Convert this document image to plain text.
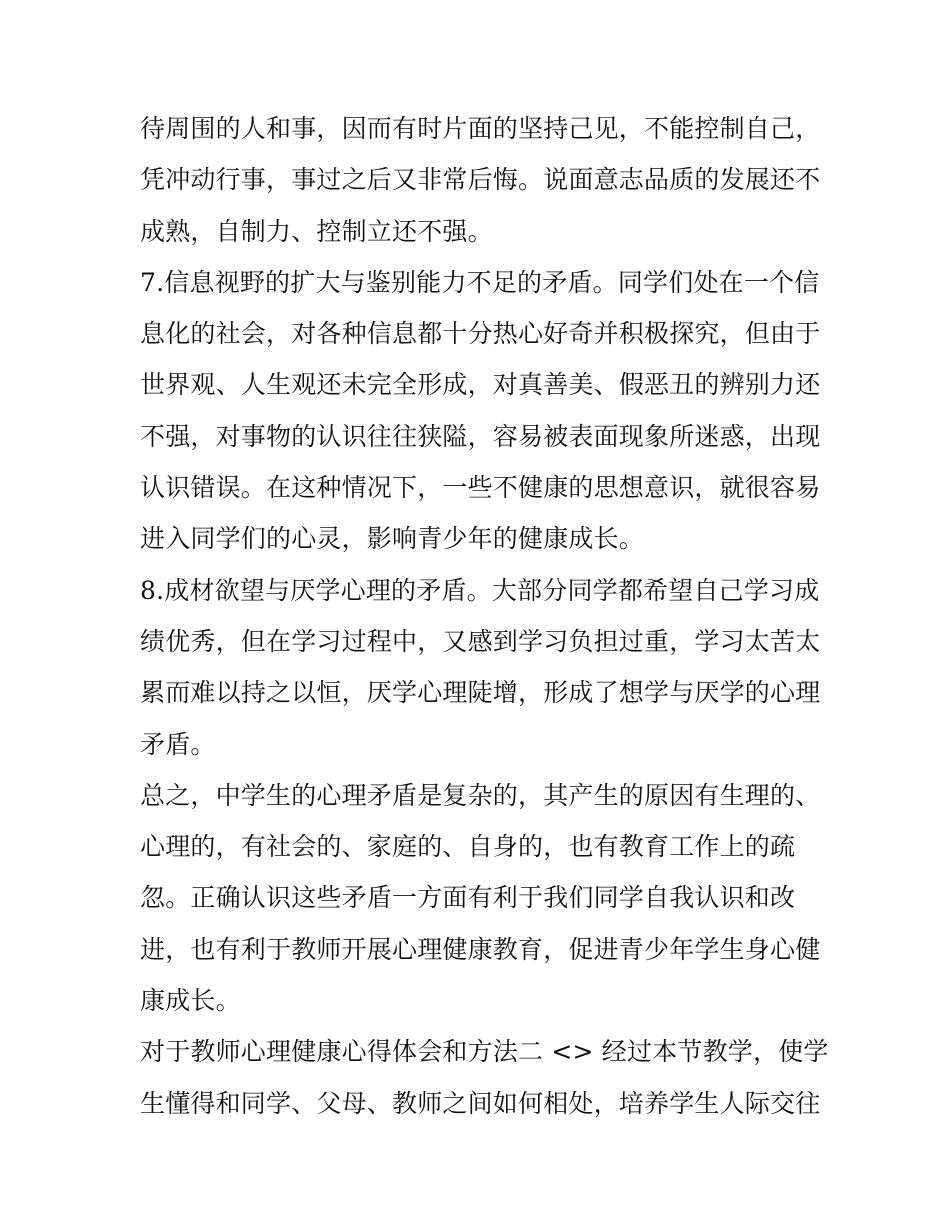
待周围的人和事，因而有时片面的坚持己见，不能控制自己，
凭冲动行事，事过之后又非常后悔。说面意志品质的发展还不
成熟，自制力、控制立还不强。
7.信息视野的扩大与鉴别能力不足的矛盾。同学们处在一个信
息化的社会，对各种信息都十分热心好奇并积极探究，但由于
世界观、人生观还未完全形成，对真善美、假恶丑的辨别力还
不强，对事物的认识往往狭隘，容易被表面现象所迷惑，出现
认识错误。在这种情况下，一些不健康的思想意识，就很容易
进入同学们的心灵，影响青少年的健康成长。
8.成材欲望与厌学心理的矛盾。大部分同学都希望自己学习成
绩优秀，但在学习过程中，又感到学习负担过重，学习太苦太
累而难以持之以恒，厌学心理陡增，形成了想学与厌学的心理
矛盾。
总之，中学生的心理矛盾是复杂的，其产生的原因有生理的、
心理的，有社会的、家庭的、自身的，也有教育工作上的疏
忽。正确认识这些矛盾一方面有利于我们同学自我认识和改
进，也有利于教师开展心理健康教育，促进青少年学生身心健
康成长。
对于教师心理健康心得体会和方法二 <> 经过本节教学，使学
生懂得和同学、父母、教师之间如何相处，培养学生人际交往
